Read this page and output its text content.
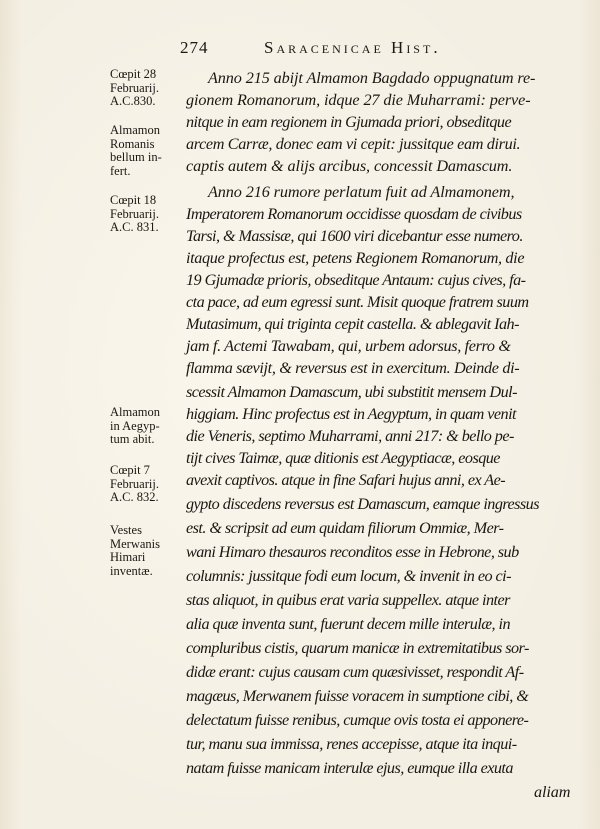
274	Saracenicae Hist.
Cœpit 28
Februarij.
A.C.830.
Almamon
Romanis
bellum in-
fert.
Cœpit 18
Februarij.
A.C. 831.
Almamon
in Aegyp-
tum abit.
Cœpit 7
Februarij.
A.C. 832.
Vestes
Merwanis
Himari
inventæ.
Anno 215 abijt Almamon Bagdado oppugnatum re-
gionem Romanorum, idque 27 die Muharrami: perve-
nitque in eam regionem in Gjumada priori, obseditque
arcem Carræ, donec eam vi cepit: jussitque eam dirui.
captis autem & alijs arcibus, concessit Damascum.
Anno 216 rumore perlatum fuit ad Almamonem,
Imperatorem Romanorum occidisse quosdam de civibus
Tarsi, & Massisæ, qui 1600 viri dicebantur esse numero.
itaque profectus est, petens Regionem Romanorum, die
19 Gjumadæ prioris, obseditque Antaum: cujus cives, fa-
cta pace, ad eum egressi sunt. Misit quoque fratrem suum
Mutasimum, qui triginta cepit castella. & ablegavit Iah-
jam f. Actemi Tawabam, qui, urbem adorsus, ferro &
flamma sævijt, & reversus est in exercitum. Deinde di-
scessit Almamon Damascum, ubi substitit mensem Dul-
higgiam. Hinc profectus est in Aegyptum, in quam venit
die Veneris, septimo Muharrami, anni 217: & bello pe-
tijt cives Taimæ, quæ ditionis est Aegyptiacæ, eosque
avexit captivos. atque in fine Safari hujus anni, ex Ae-
gypto discedens reversus est Damascum, eamque ingressus
est. & scripsit ad eum quidam filiorum Ommiæ, Mer-
wani Himaro thesauros reconditos esse in Hebrone, sub
columnis: jussitque fodi eum locum, & invenit in eo ci-
stas aliquot, in quibus erat varia suppellex. atque inter
alia quæ inventa sunt, fuerunt decem mille interulæ, in
compluribus cistis, quarum manicæ in extremitatibus sor-
didæ erant: cujus causam cum quæsivisset, respondit Af-
magæus, Merwanem fuisse voracem in sumptione cibi, &
delectatum fuisse renibus, cumque ovis tosta ei apponere-
tur, manu sua immissa, renes accepisse, atque ita inqui-
natam fuisse manicam interulæ ejus, eumque illa exuta
aliam
